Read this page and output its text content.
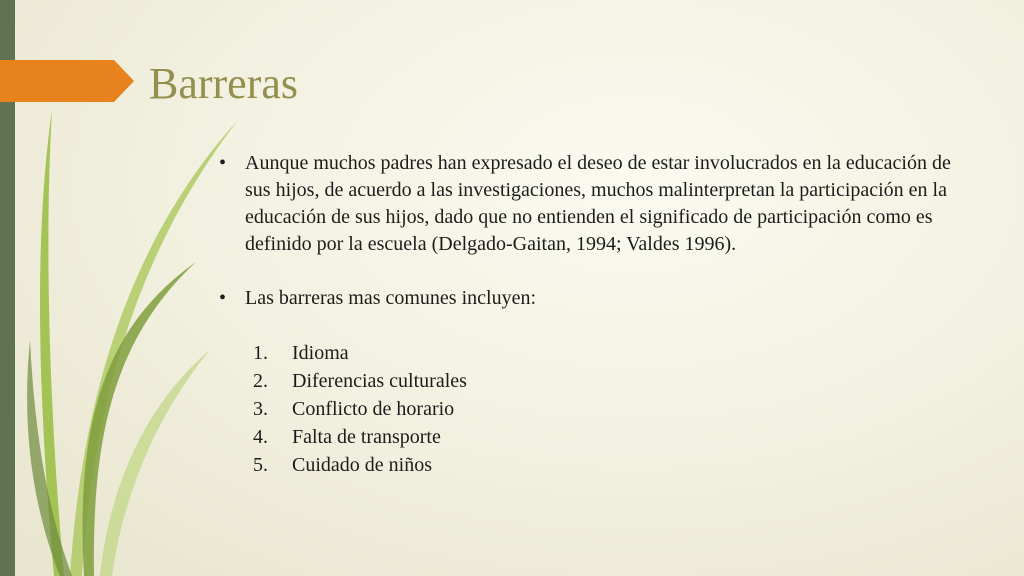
Barreras
• Aunque muchos padres han expresado el deseo de estar involucrados en la educación de sus hijos, de acuerdo a las investigaciones, muchos malinterpretan la participación en la educación de sus hijos, dado que no entienden el significado de participación como es definido por la escuela (Delgado-Gaitan, 1994; Valdes 1996).
• Las barreras mas comunes incluyen:
1. Idioma
2. Diferencias culturales
3. Conflicto de horario
4. Falta de transporte
5. Cuidado de niños
